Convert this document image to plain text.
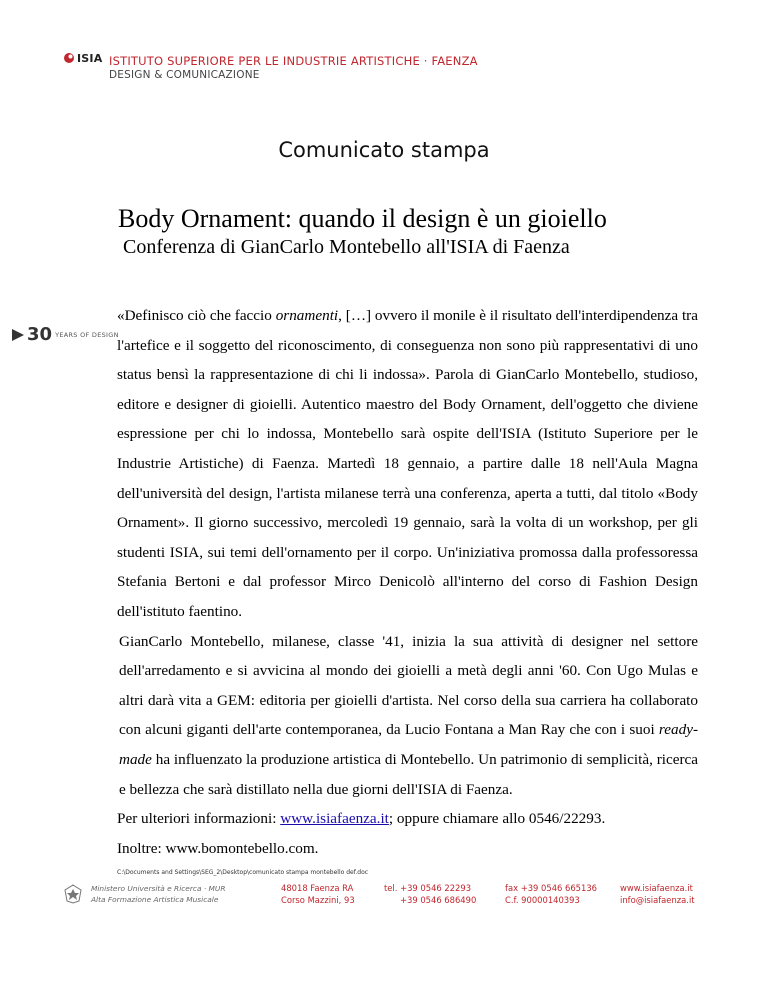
ISIA ISTITUTO SUPERIORE PER LE INDUSTRIE ARTISTICHE · FAENZA
DESIGN & COMUNICAZIONE
Comunicato stampa
Body Ornament: quando il design è un gioiello
Conferenza di GianCarlo Montebello all'ISIA di Faenza
30 YEARS OF DESIGN

«Definisco ciò che faccio ornamenti, […] ovvero il monile è il risultato dell'interdipendenza tra l'artefice e il soggetto del riconoscimento, di conseguenza non sono più rappresentativi di uno status bensì la rappresentazione di chi li indossa». Parola di GianCarlo Montebello, studioso, editore e designer di gioielli. Autentico maestro del Body Ornament, dell'oggetto che diviene espressione per chi lo indossa, Montebello sarà ospite dell'ISIA (Istituto Superiore per le Industrie Artistiche) di Faenza. Martedì 18 gennaio, a partire dalle 18 nell'Aula Magna dell'università del design, l'artista milanese terrà una conferenza, aperta a tutti, dal titolo «Body Ornament». Il giorno successivo, mercoledì 19 gennaio, sarà la volta di un workshop, per gli studenti ISIA, sui temi dell'ornamento per il corpo. Un'iniziativa promossa dalla professoressa Stefania Bertoni e dal professor Mirco Denicolò all'interno del corso di Fashion Design dell'istituto faentino.

GianCarlo Montebello, milanese, classe '41, inizia la sua attività di designer nel settore dell'arredamento e si avvicina al mondo dei gioielli a metà degli anni '60. Con Ugo Mulas e altri darà vita a GEM: editoria per gioielli d'artista. Nel corso della sua carriera ha collaborato con alcuni giganti dell'arte contemporanea, da Lucio Fontana a Man Ray che con i suoi ready-made ha influenzato la produzione artistica di Montebello. Un patrimonio di semplicità, ricerca e bellezza che sarà distillato nella due giorni dell'ISIA di Faenza.

Per ulteriori informazioni: www.isiafaenza.it; oppure chiamare allo 0546/22293.

Inoltre: www.bomontebello.com.

C:\Documents and Settings\SEG_2\Desktop\comunicato stampa montebello def.doc
Ministero Università e Ricerca · MUR
Alta Formazione Artistica Musicale
48018 Faenza RA
Corso Mazzini, 93
tel. +39 0546 22293
+39 0546 686490
fax +39 0546 665136
C.f. 90000140393
www.isiafaenza.it
info@isiafaenza.it
